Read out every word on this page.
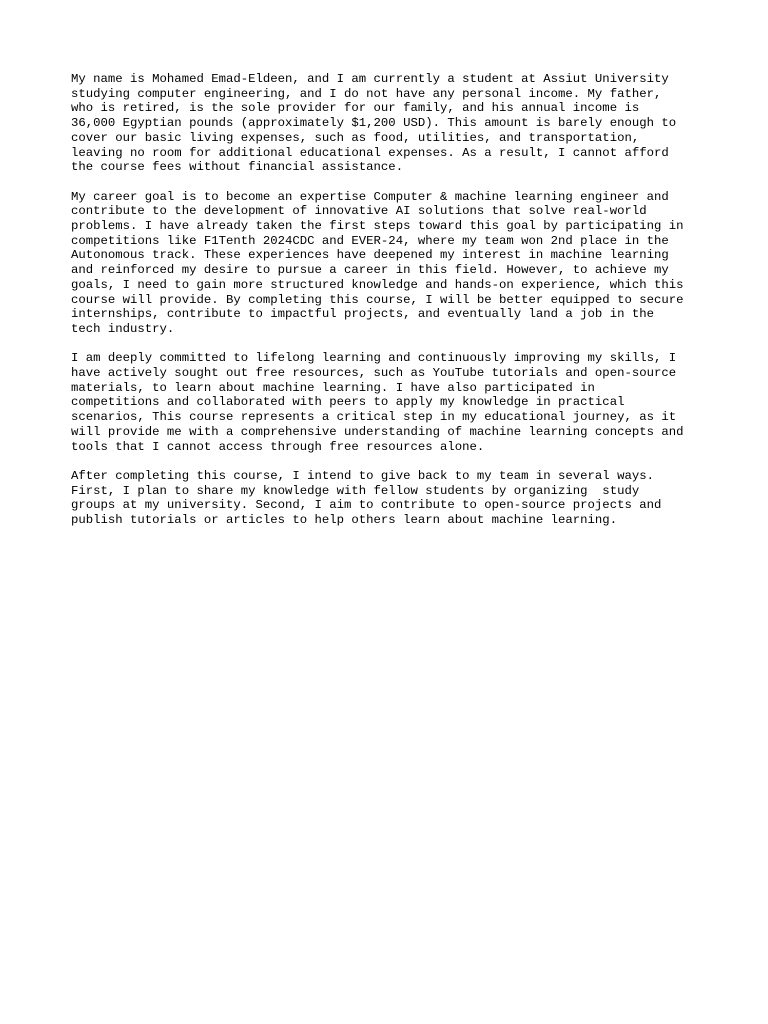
My name is Mohamed Emad-Eldeen, and I am currently a student at Assiut University
studying computer engineering, and I do not have any personal income. My father,
who is retired, is the sole provider for our family, and his annual income is
36,000 Egyptian pounds (approximately $1,200 USD). This amount is barely enough to
cover our basic living expenses, such as food, utilities, and transportation,
leaving no room for additional educational expenses. As a result, I cannot afford
the course fees without financial assistance.
My career goal is to become an expertise Computer & machine learning engineer and
contribute to the development of innovative AI solutions that solve real-world
problems. I have already taken the first steps toward this goal by participating in
competitions like F1Tenth 2024CDC and EVER-24, where my team won 2nd place in the
Autonomous track. These experiences have deepened my interest in machine learning
and reinforced my desire to pursue a career in this field. However, to achieve my
goals, I need to gain more structured knowledge and hands-on experience, which this
course will provide. By completing this course, I will be better equipped to secure
internships, contribute to impactful projects, and eventually land a job in the
tech industry.
I am deeply committed to lifelong learning and continuously improving my skills, I
have actively sought out free resources, such as YouTube tutorials and open-source
materials, to learn about machine learning. I have also participated in
competitions and collaborated with peers to apply my knowledge in practical
scenarios, This course represents a critical step in my educational journey, as it
will provide me with a comprehensive understanding of machine learning concepts and
tools that I cannot access through free resources alone.
After completing this course, I intend to give back to my team in several ways.
First, I plan to share my knowledge with fellow students by organizing  study
groups at my university. Second, I aim to contribute to open-source projects and
publish tutorials or articles to help others learn about machine learning.
